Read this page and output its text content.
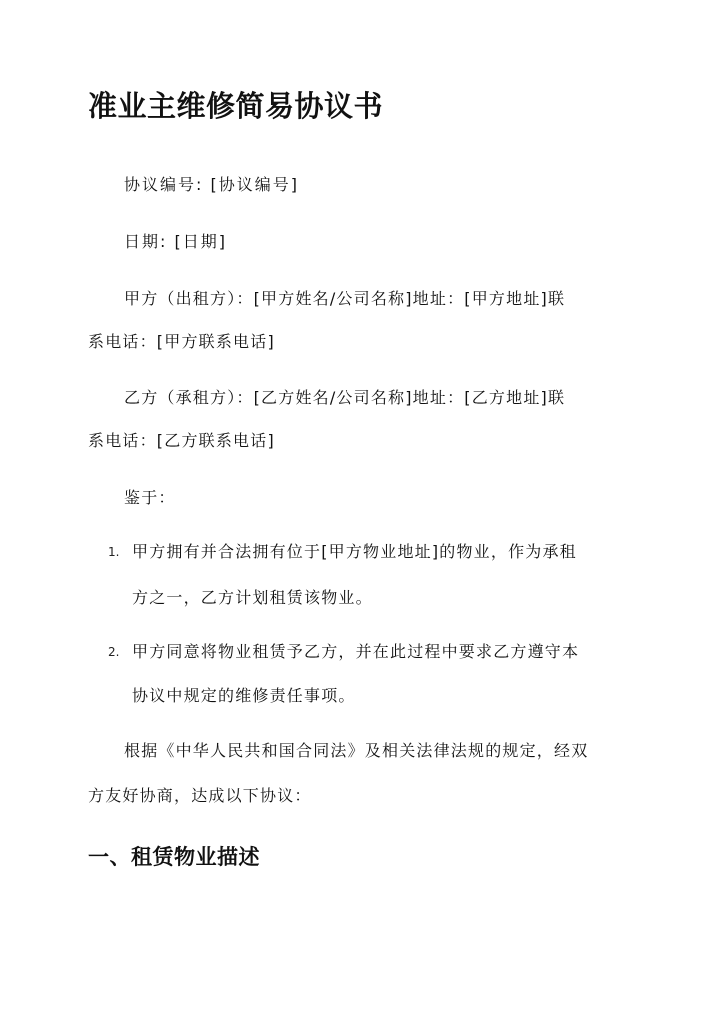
准业主维修简易协议书

协议编号: [协议编号]

日期: [日期]

甲方（出租方）：[甲方姓名/公司名称]地址：[甲方地址]联

系电话：[甲方联系电话]

乙方（承租方）：[乙方姓名/公司名称]地址：[乙方地址]联

系电话：[乙方联系电话]

鉴于：

1. 甲方拥有并合法拥有位于[甲方物业地址]的物业，作为承租
方之一，乙方计划租赁该物业。
2. 甲方同意将物业租赁予乙方，并在此过程中要求乙方遵守本
协议中规定的维修责任事项。

根据《中华人民共和国合同法》及相关法律法规的规定，经双

方友好协商，达成以下协议：

一、租赁物业描述
